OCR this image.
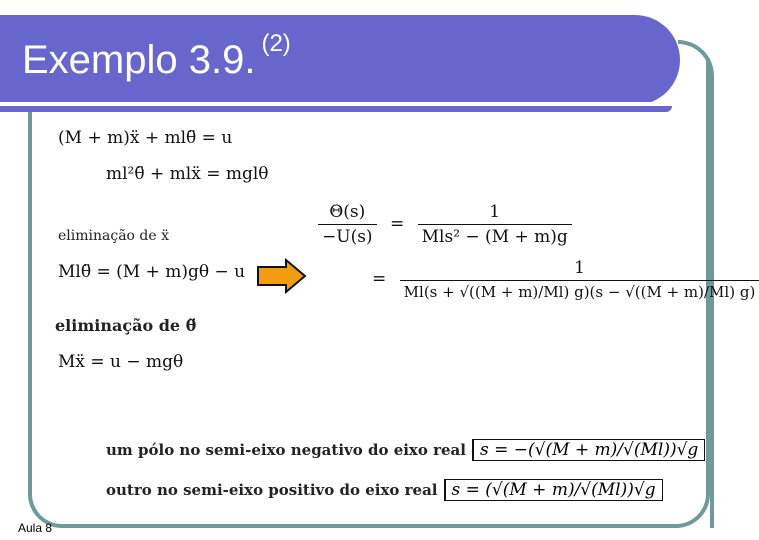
Exemplo 3.9. $^{(2)}$
(M + m)ẍ + mlθ̈ = u
ml²θ̈ + mlẍ = mglθ
eliminação de ẍ
Mlθ̈ = (M + m)gθ − u
eliminação de θ̈
Mẍ = u − mgθ
$\frac{\Theta(s)}{-U(s)} = \frac{1}{\text{Mls² − (M + m)g}}$
= $\frac{1}{Ml(s + √((M + m)/Ml) g)(s - √((M + m)/Ml) g)}$
um pólo no semi-eixo negativo do eixo real s = −(√(M + m)/√(Ml))√g
outro no semi-eixo positivo do eixo real s = (√(M + m)/√(Ml))√g
Aula 8
